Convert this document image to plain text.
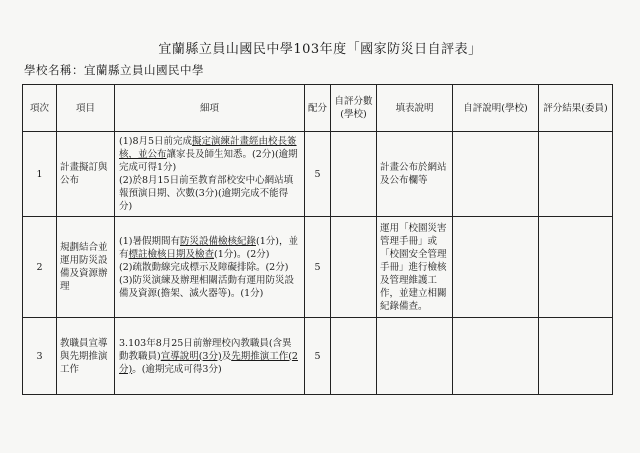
宜蘭縣立員山國民中學103年度「國家防災日自評表」
學校名稱：宜蘭縣立員山國民中學
項次	項目	細項	配分	自評分數(學校)	填表說明	自評說明(學校)	評分結果(委員)
1	計畫擬訂與公布	(1)8月5日前完成擬定演練計畫經由校長簽核，並公布讓家長及師生知悉。(2分)(逾期完成可得1分)
(2)於8月15日前至教育部校安中心網站填報預演日期、次數(3分)(逾期完成不能得分)	5		計畫公布於網站及公布欄等		
2	規劃結合並運用防災設備及資源辦理	(1)暑假期間有防災設備檢核紀錄(1分)，並有標註檢核日期及檢查(1分)。(2分)
(2)疏散動線完成標示及障礙排除。(2分)
(3)防災演練及辦理相關活動有運用防災設備及資源(擔架、滅火器等)。(1分)	5		運用「校園災害管理手冊」或「校園安全管理手冊」進行檢核及管理維護工作，並建立相關紀錄備查。		
3	教職員宣導與先期推演工作	3.103年8月25日前辦理校內教職員(含異動教職員)宣導說明(3分)及先期推演工作(2分)。(逾期完成可得3分)	5				
